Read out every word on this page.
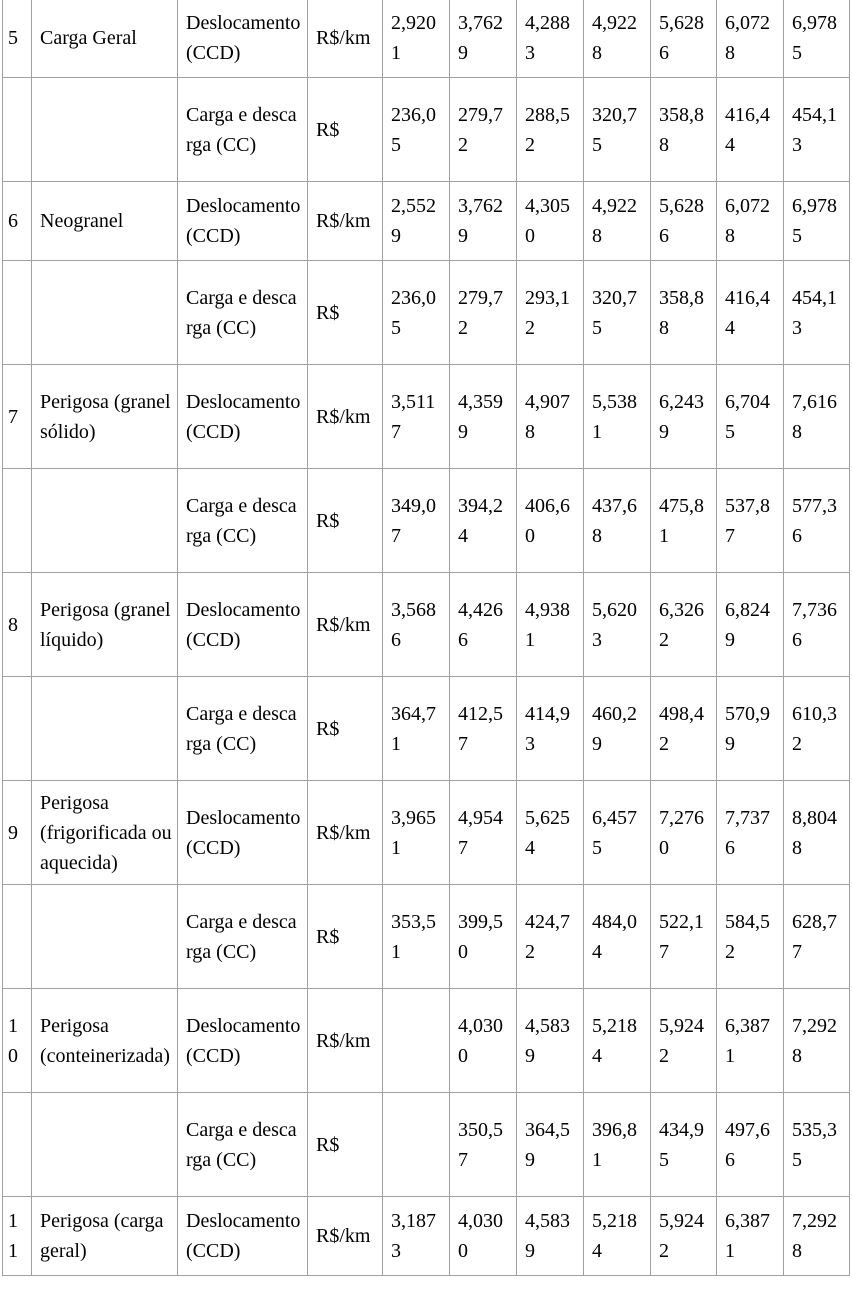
5	Carga Geral	Deslocamento (CCD)	R$/km	2,9201	3,7629	4,2883	4,9228	5,6286	6,0728	6,9785
		Carga e descarga (CC)	R$	236,05	279,72	288,52	320,75	358,88	416,44	454,13
6	Neogranel	Deslocamento (CCD)	R$/km	2,5529	3,7629	4,3050	4,9228	5,6286	6,0728	6,9785
		Carga e descarga (CC)	R$	236,05	279,72	293,12	320,75	358,88	416,44	454,13
7	Perigosa (granel sólido)	Deslocamento (CCD)	R$/km	3,5117	4,3599	4,9078	5,5381	6,2439	6,7045	7,6168
		Carga e descarga (CC)	R$	349,07	394,24	406,60	437,68	475,81	537,87	577,36
8	Perigosa (granel líquido)	Deslocamento (CCD)	R$/km	3,5686	4,4266	4,9381	5,6203	6,3262	6,8249	7,7366
		Carga e descarga (CC)	R$	364,71	412,57	414,93	460,29	498,42	570,99	610,32
9	Perigosa (frigorificada ou aquecida)	Deslocamento (CCD)	R$/km	3,9651	4,9547	5,6254	6,4575	7,2760	7,7376	8,8048
		Carga e descarga (CC)	R$	353,51	399,50	424,72	484,04	522,17	584,52	628,77
10	Perigosa (conteinerizada)	Deslocamento (CCD)	R$/km		4,0300	4,5839	5,2184	5,9242	6,3871	7,2928
		Carga e descarga (CC)	R$		350,57	364,59	396,81	434,95	497,66	535,35
11	Perigosa (carga geral)	Deslocamento (CCD)	R$/km	3,1873	4,0300	4,5839	5,2184	5,9242	6,3871	7,2928
